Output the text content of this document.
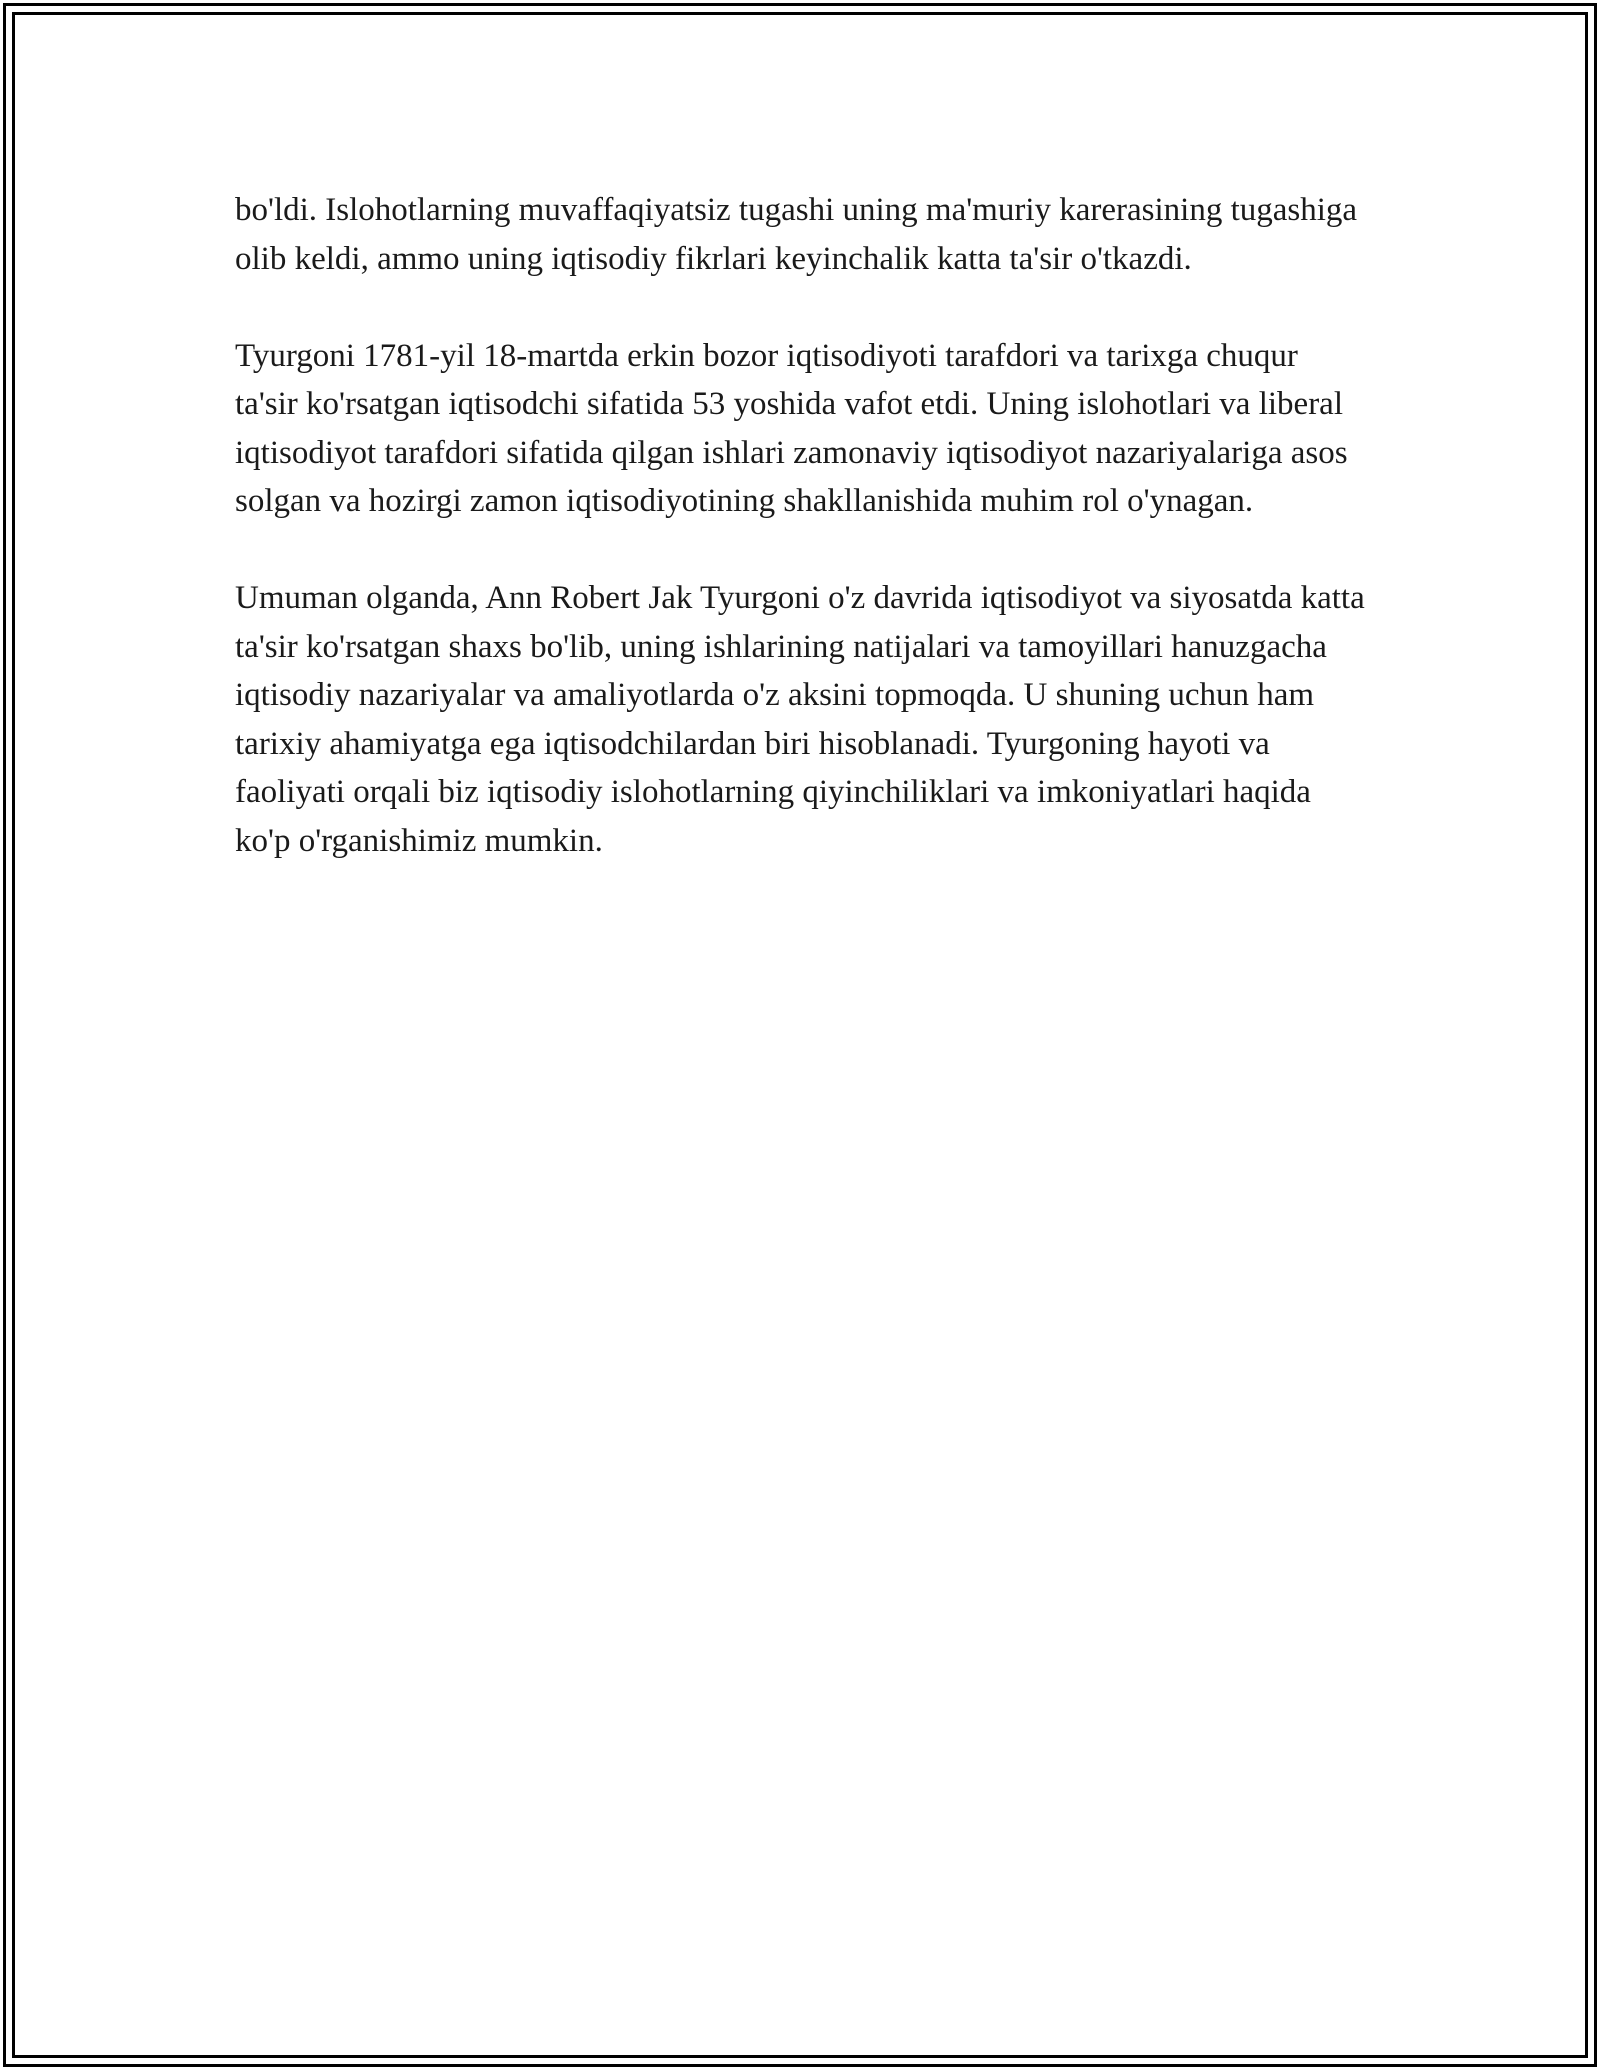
bo'ldi. Islohotlarning muvaffaqiyatsiz tugashi uning ma'muriy karerasining tugashiga olib keldi, ammo uning iqtisodiy fikrlari keyinchalik katta ta'sir o'tkazdi.

Tyurgoni 1781-yil 18-martda erkin bozor iqtisodiyoti tarafdori va tarixga chuqur ta'sir ko'rsatgan iqtisodchi sifatida 53 yoshida vafot etdi. Uning islohotlari va liberal iqtisodiyot tarafdori sifatida qilgan ishlari zamonaviy iqtisodiyot nazariyalariga asos solgan va hozirgi zamon iqtisodiyotining shakllanishida muhim rol o'ynagan.

Umuman olganda, Ann Robert Jak Tyurgoni o'z davrida iqtisodiyot va siyosatda katta ta'sir ko'rsatgan shaxs bo'lib, uning ishlarining natijalari va tamoyillari hanuzgacha iqtisodiy nazariyalar va amaliyotlarda o'z aksini topmoqda. U shuning uchun ham tarixiy ahamiyatga ega iqtisodchilardan biri hisoblanadi. Tyurgoning hayoti va faoliyati orqali biz iqtisodiy islohotlarning qiyinchiliklari va imkoniyatlari haqida ko'p o'rganishimiz mumkin.
